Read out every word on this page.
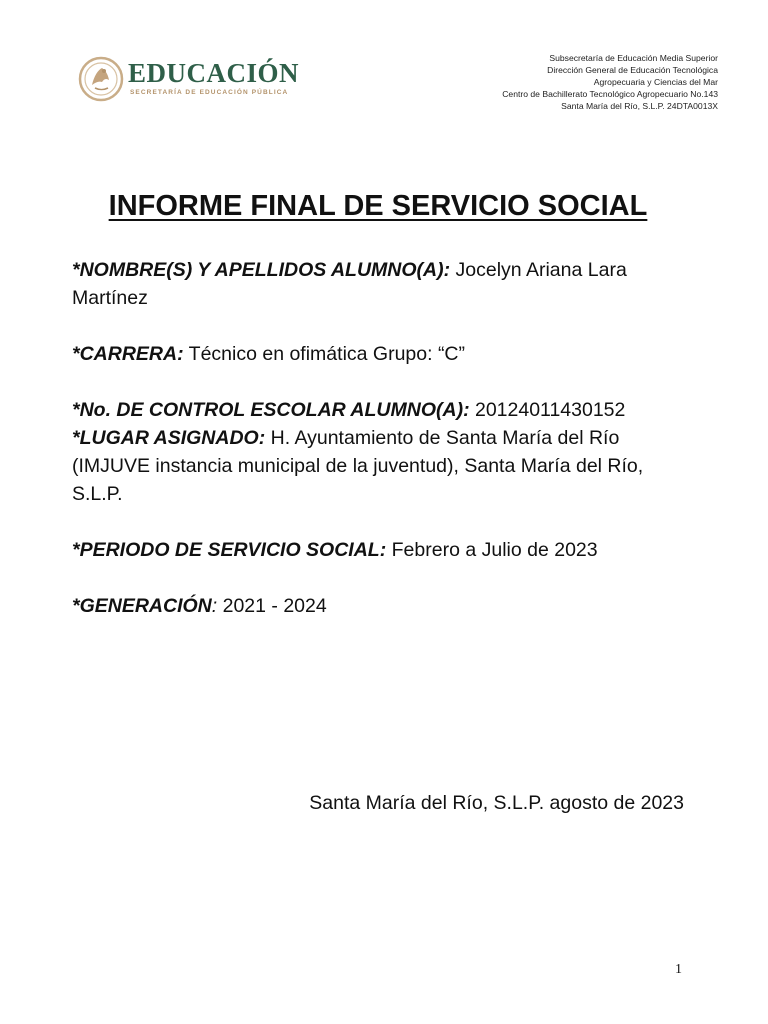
EDUCACIÓN
SECRETARÍA DE EDUCACIÓN PÚBLICA
Subsecretaría de Educación Media Superior
Dirección General de Educación Tecnológica
Agropecuaria y Ciencias del Mar
Centro de Bachillerato Tecnológico Agropecuario No.143
Santa María del Río, S.L.P. 24DTA0013X
INFORME FINAL DE SERVICIO SOCIAL

*NOMBRE(S) Y APELLIDOS ALUMNO(A): Jocelyn Ariana Lara Martínez

*CARRERA: Técnico en ofimática Grupo: “C”

*No. DE CONTROL ESCOLAR ALUMNO(A): 20124011430152

*LUGAR ASIGNADO: H. Ayuntamiento de Santa María del Río (IMJUVE instancia municipal de la juventud), Santa María del Río, S.L.P.

*PERIODO DE SERVICIO SOCIAL: Febrero a Julio de 2023

*GENERACIÓN: 2021 - 2024

Santa María del Río, S.L.P. agosto de 2023
1
